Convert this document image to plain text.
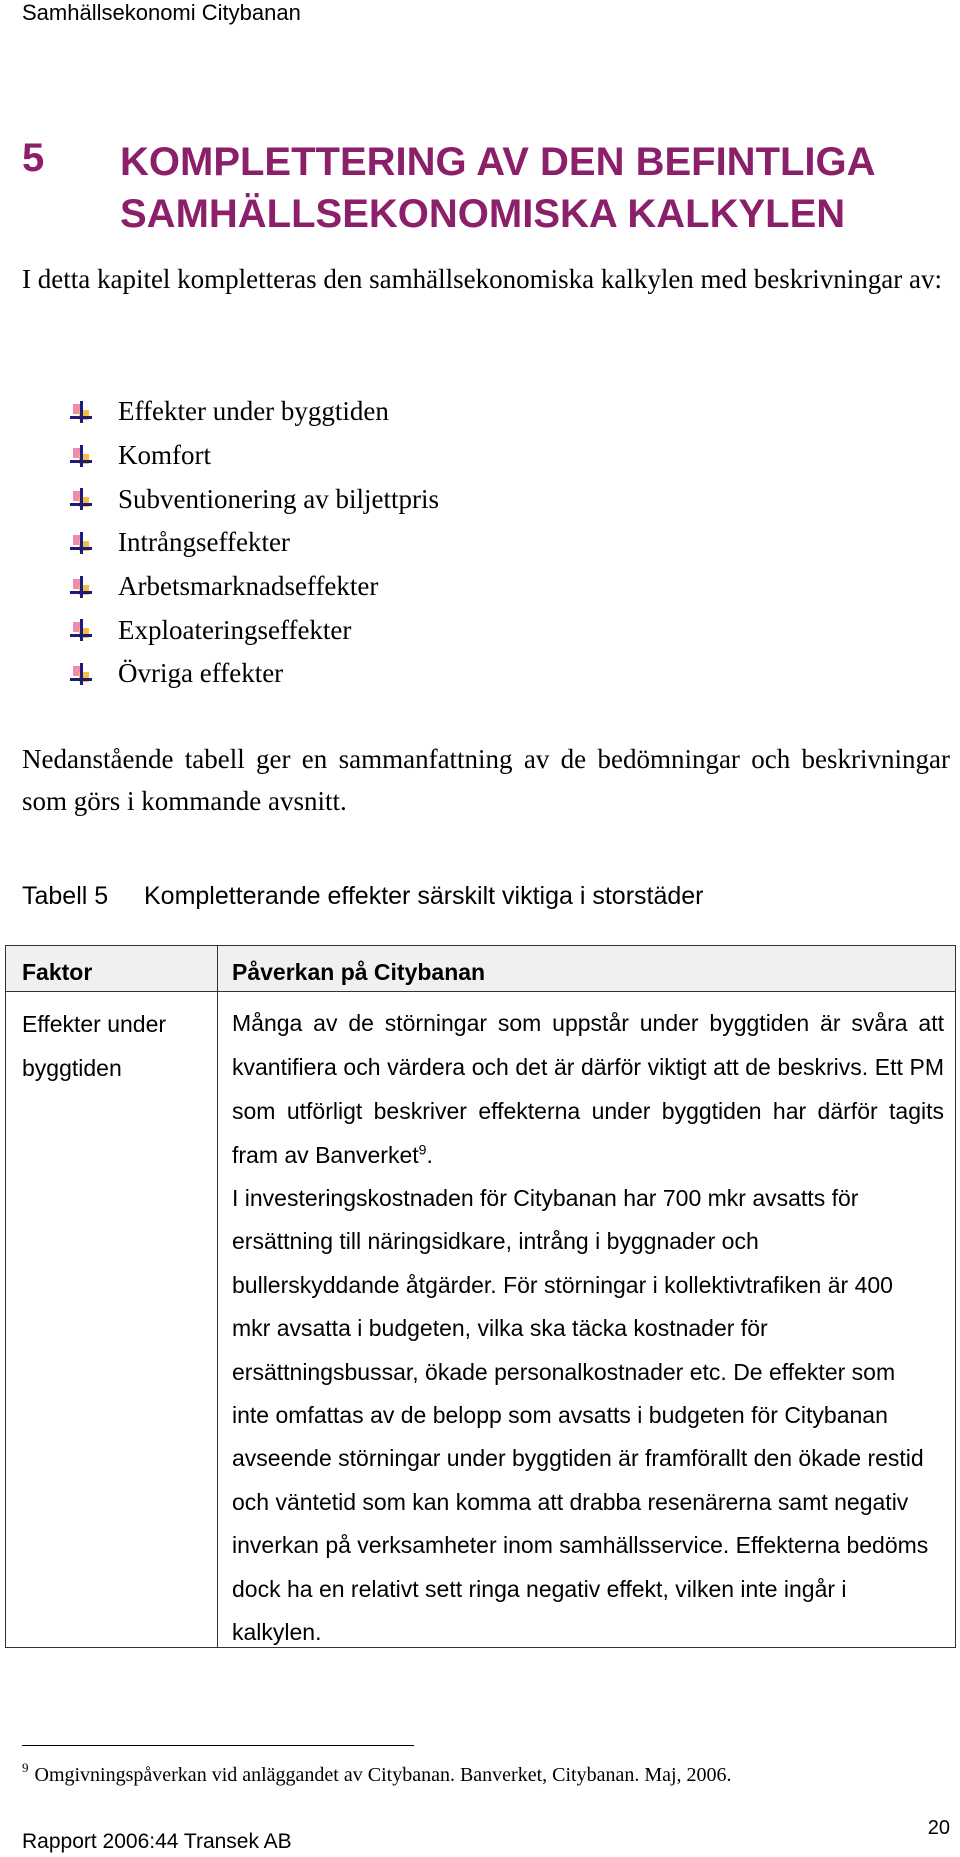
Samhällsekonomi Citybanan
5 KOMPLETTERING AV DEN BEFINTLIGA SAMHÄLLSEKONOMISKA KALKYLEN
I detta kapitel kompletteras den samhällsekonomiska kalkylen med beskrivningar av:
Effekter under byggtiden
Komfort
Subventionering av biljettpris
Intrångseffekter
Arbetsmarknadseffekter
Exploateringseffekter
Övriga effekter
Nedanstående tabell ger en sammanfattning av de bedömningar och beskrivningar som görs i kommande avsnitt.
Tabell 5 Kompletterande effekter särskilt viktiga i storstäder
Faktor	Påverkan på Citybanan
Effekter under byggtiden
Många av de störningar som uppstår under byggtiden är svåra att kvantifiera och värdera och det är därför viktigt att de beskrivs. Ett PM som utförligt beskriver effekterna under byggtiden har därför tagits fram av Banverket$^9$.
I investeringskostnaden för Citybanan har 700 mkr avsatts för ersättning till näringsidkare, intrång i byggnader och bullerskyddande åtgärder. För störningar i kollektivtrafiken är 400 mkr avsatta i budgeten, vilka ska täcka kostnader för ersättningsbussar, ökade personalkostnader etc. De effekter som inte omfattas av de belopp som avsatts i budgeten för Citybanan avseende störningar under byggtiden är framförallt den ökade restid och väntetid som kan komma att drabba resenärerna samt negativ inverkan på verksamheter inom samhällsservice. Effekterna bedöms dock ha en relativt sett ringa negativ effekt, vilken inte ingår i kalkylen.
$^9$ Omgivningspåverkan vid anläggandet av Citybanan. Banverket, Citybanan. Maj, 2006.
20
Rapport 2006:44 Transek AB
